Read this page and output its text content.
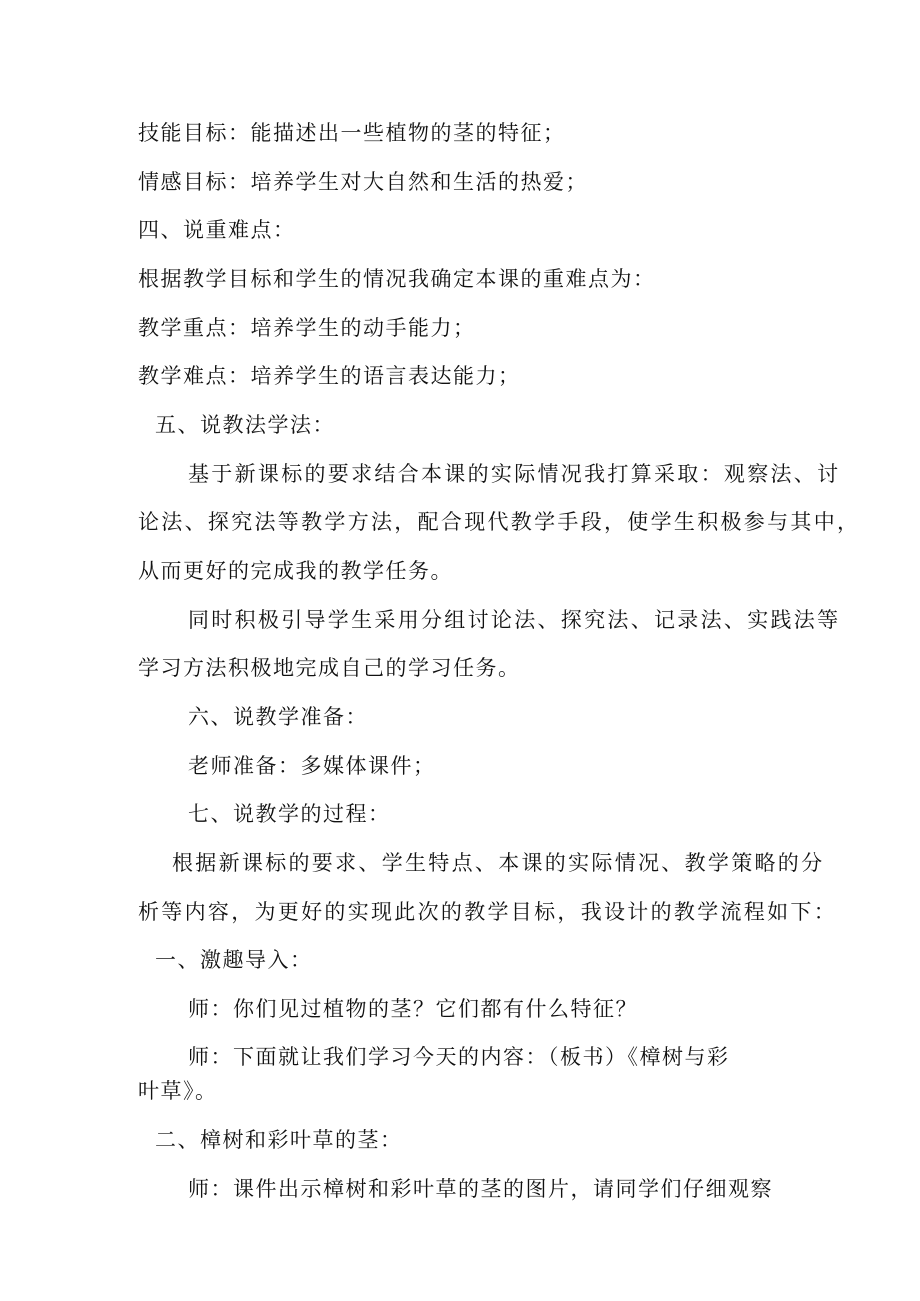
技能目标：能描述出一些植物的茎的特征；
情感目标：培养学生对大自然和生活的热爱；
四、说重难点：
根据教学目标和学生的情况我确定本课的重难点为：
教学重点：培养学生的动手能力；
教学难点：培养学生的语言表达能力；
五、说教法学法：
基于新课标的要求结合本课的实际情况我打算采取：观察法、讨
论法、探究法等教学方法，配合现代教学手段，使学生积极参与其中，
从而更好的完成我的教学任务。
同时积极引导学生采用分组讨论法、探究法、记录法、实践法等
学习方法积极地完成自己的学习任务。
六、说教学准备：
老师准备：多媒体课件；
七、说教学的过程：
根据新课标的要求、学生特点、本课的实际情况、教学策略的分
析等内容，为更好的实现此次的教学目标，我设计的教学流程如下：
一、激趣导入：
师：你们见过植物的茎？它们都有什么特征？
师：下面就让我们学习今天的内容：（板书）《樟树与彩
叶草》。
二、樟树和彩叶草的茎：
师：课件出示樟树和彩叶草的茎的图片，请同学们仔细观察
